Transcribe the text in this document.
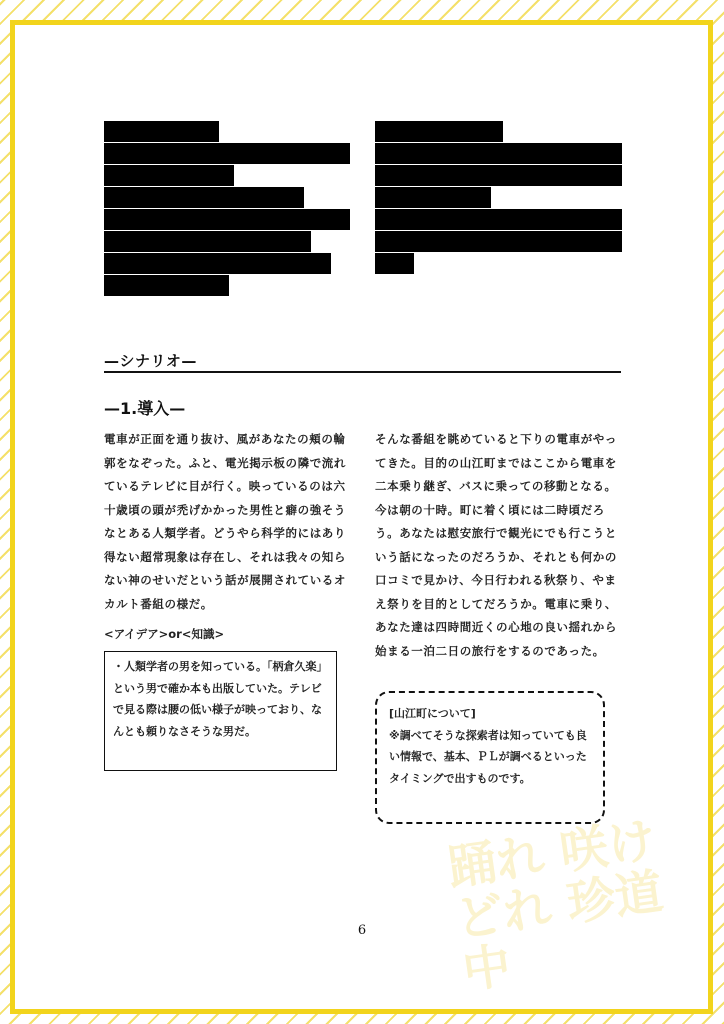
踊れ 咲け どれ 珍道中
—シナリオ—
—1.導入—
電車が正面を通り抜け、風があなたの頬の輪郭をなぞった。ふと、電光掲示板の隣で流れているテレビに目が行く。映っているのは六十歳頃の頭が禿げかかった男性と癖の強そうなとある人類学者。どうやら科学的にはあり得ない超常現象は存在し、それは我々の知らない神のせいだという話が展開されているオカルト番組の様だ。
そんな番組を眺めていると下りの電車がやってきた。目的の山江町まではここから電車を二本乗り継ぎ、バスに乗っての移動となる。今は朝の十時。町に着く頃には二時頃だろう。あなたは慰安旅行で観光にでも行こうという話になったのだろうか、それとも何かの口コミで見かけ、今日行われる秋祭り、やまえ祭りを目的としてだろうか。電車に乗り、あなた達は四時間近くの心地の良い揺れから始まる一泊二日の旅行をするのであった。
<アイデア>or<知識>
・人類学者の男を知っている。「柄倉久楽」という男で確か本も出版していた。テレビで見る際は腰の低い様子が映っており、なんとも頼りなさそうな男だ。
[山江町について]
※調べてそうな探索者は知っていても良い情報で、基本、ＰＬが調べるといったタイミングで出すものです。
6
